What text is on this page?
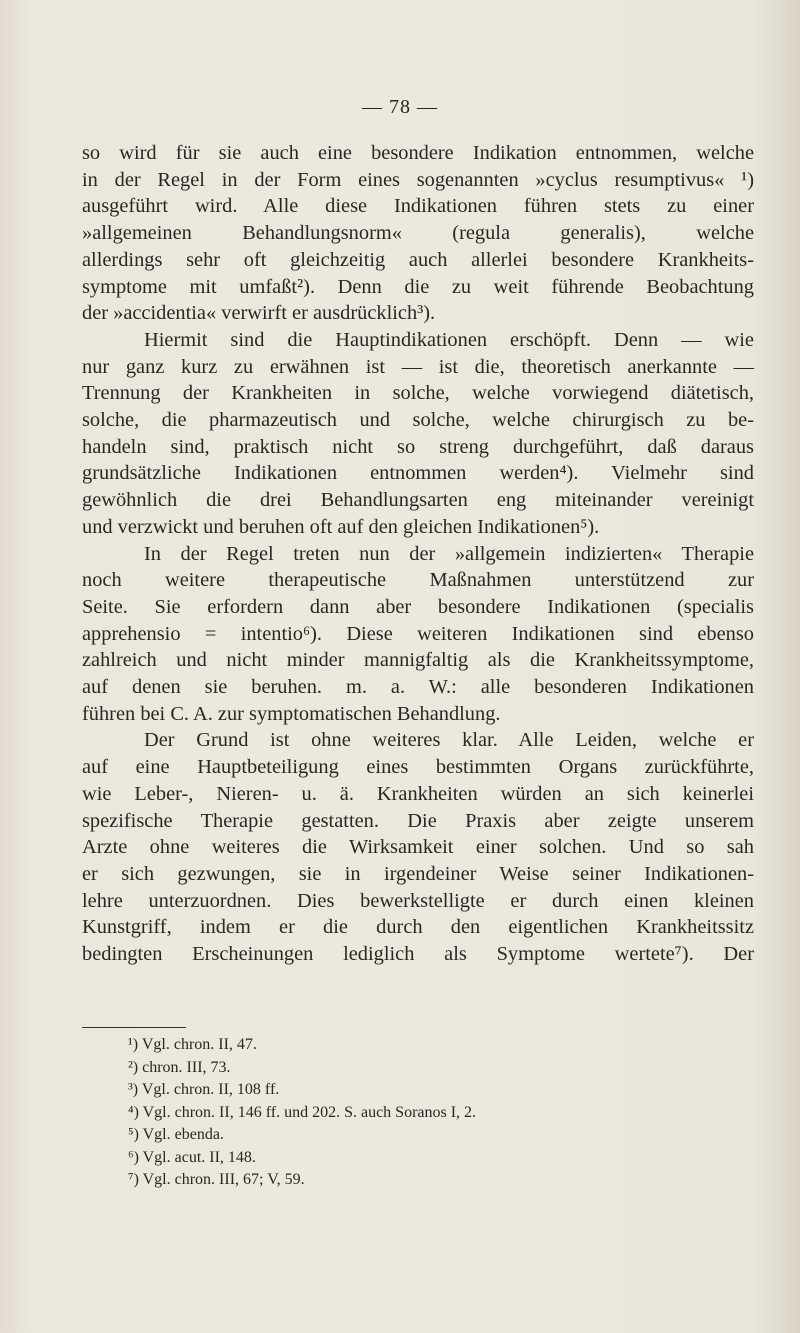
— 78 —

so wird für sie auch eine besondere Indikation entnommen, welche
in der Regel in der Form eines sogenannten »cyclus resumptivus« ¹)
ausgeführt wird. Alle diese Indikationen führen stets zu einer
»allgemeinen Behandlungsnorm« (regula generalis), welche
allerdings sehr oft gleichzeitig auch allerlei besondere Krankheits-
symptome mit umfaßt²). Denn die zu weit führende Beobachtung
der »accidentia« verwirft er ausdrücklich³).

Hiermit sind die Hauptindikationen erschöpft. Denn — wie
nur ganz kurz zu erwähnen ist — ist die, theoretisch anerkannte —
Trennung der Krankheiten in solche, welche vorwiegend diätetisch,
solche, die pharmazeutisch und solche, welche chirurgisch zu be-
handeln sind, praktisch nicht so streng durchgeführt, daß daraus
grundsätzliche Indikationen entnommen werden⁴). Vielmehr sind
gewöhnlich die drei Behandlungsarten eng miteinander vereinigt
und verzwickt und beruhen oft auf den gleichen Indikationen⁵).

In der Regel treten nun der »allgemein indizierten« Therapie
noch weitere therapeutische Maßnahmen unterstützend zur
Seite. Sie erfordern dann aber besondere Indikationen (specialis
apprehensio = intentio⁶). Diese weiteren Indikationen sind ebenso
zahlreich und nicht minder mannigfaltig als die Krankheitssymptome,
auf denen sie beruhen. m. a. W.: alle besonderen Indikationen
führen bei C. A. zur symptomatischen Behandlung.

Der Grund ist ohne weiteres klar. Alle Leiden, welche er
auf eine Hauptbeteiligung eines bestimmten Organs zurückführte,
wie Leber-, Nieren- u. ä. Krankheiten würden an sich keinerlei
spezifische Therapie gestatten. Die Praxis aber zeigte unserem
Arzte ohne weiteres die Wirksamkeit einer solchen. Und so sah
er sich gezwungen, sie in irgendeiner Weise seiner Indikationen-
lehre unterzuordnen. Dies bewerkstelligte er durch einen kleinen
Kunstgriff, indem er die durch den eigentlichen Krankheitssitz
bedingten Erscheinungen lediglich als Symptome wertete⁷). Der

¹) Vgl. chron. II, 47.
²) chron. III, 73.
³) Vgl. chron. II, 108 ff.
⁴) Vgl. chron. II, 146 ff. und 202. S. auch Soranos I, 2.
⁵) Vgl. ebenda.
⁶) Vgl. acut. II, 148.
⁷) Vgl. chron. III, 67; V, 59.
